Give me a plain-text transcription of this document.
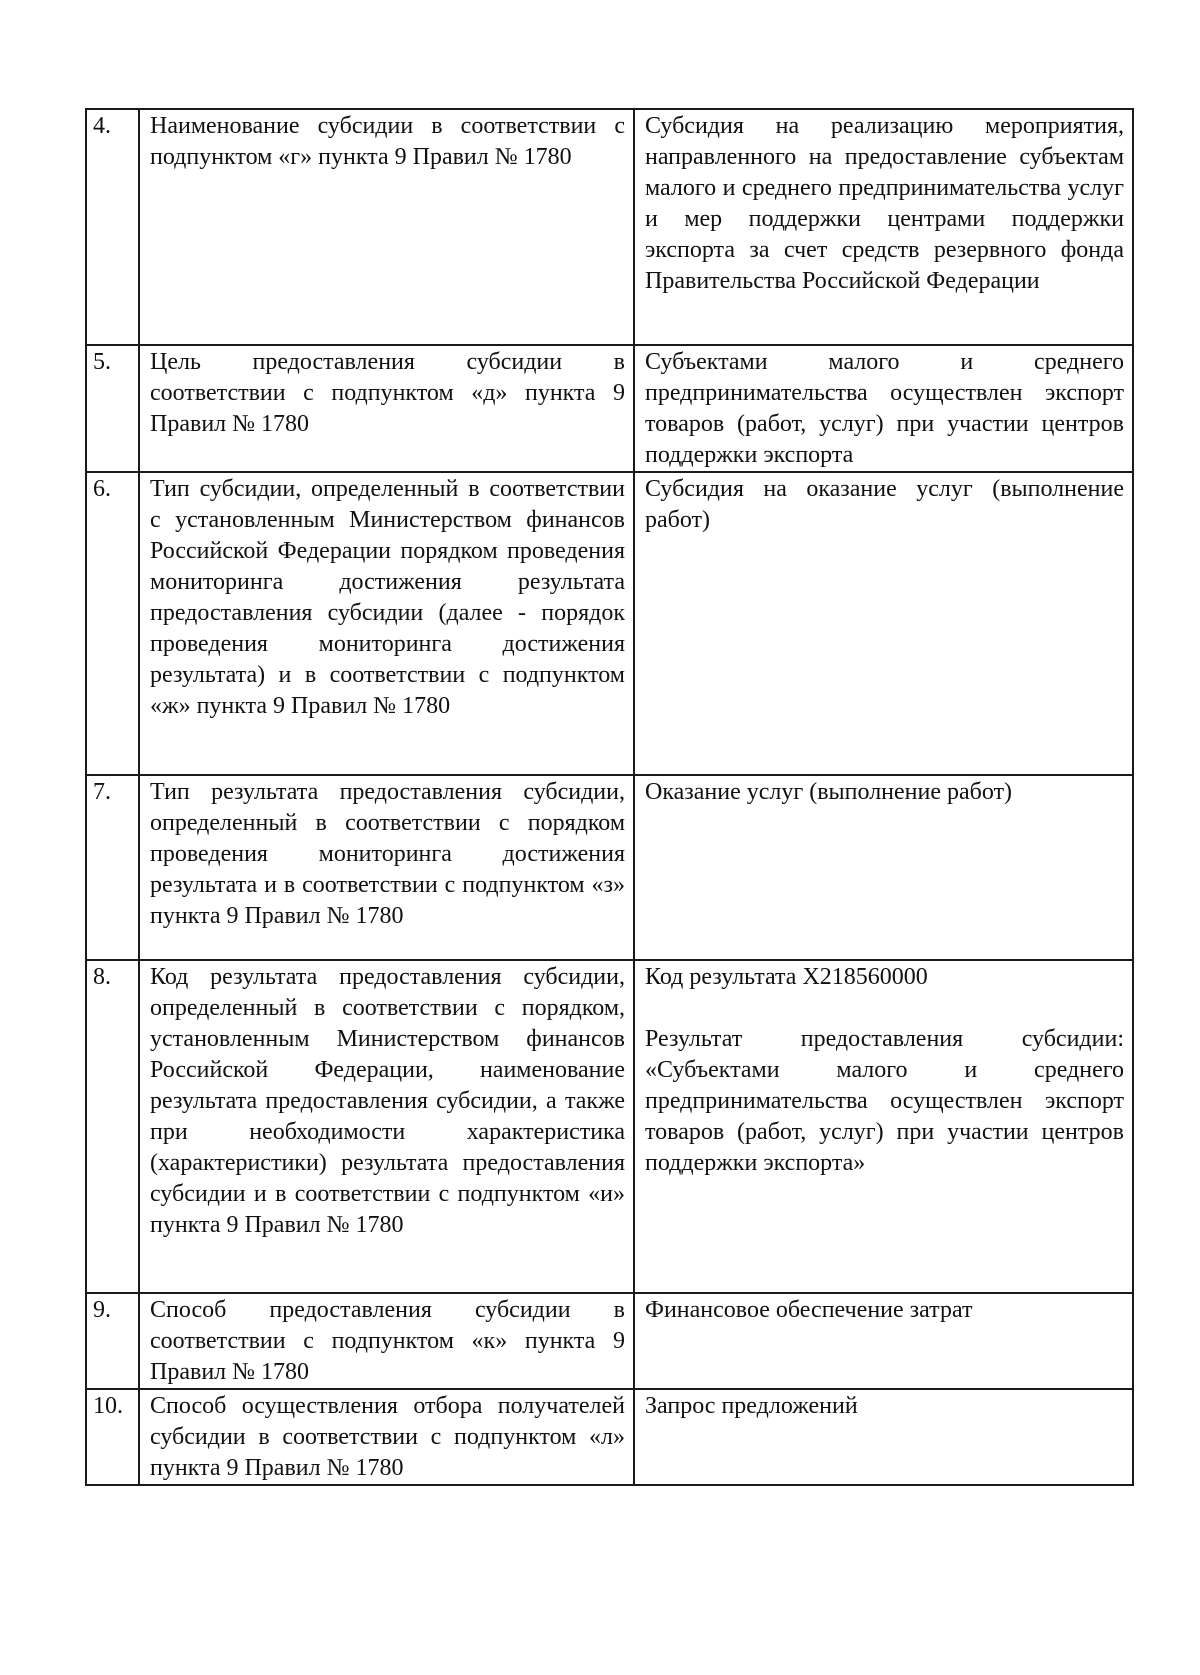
4.	Наименование субсидии в соответствии с подпунктом «г» пункта 9 Правил № 1780	Субсидия на реализацию мероприятия, направленного на предоставление субъектам малого и среднего предпринимательства услуг и мер поддержки центрами поддержки экспорта за счет средств резервного фонда Правительства Российской Федерации
5.	Цель предоставления субсидии в соответствии с подпунктом «д» пункта 9 Правил № 1780	Субъектами малого и среднего предпринимательства осуществлен экспорт товаров (работ, услуг) при участии центров поддержки экспорта
6.	Тип субсидии, определенный в соответствии с установленным Министерством финансов Российской Федерации порядком проведения мониторинга достижения результата предоставления субсидии (далее - порядок проведения мониторинга достижения результата) и в соответствии с подпунктом «ж» пункта 9 Правил № 1780	Субсидия на оказание услуг (выполнение работ)
7.	Тип результата предоставления субсидии, определенный в соответствии с порядком проведения мониторинга достижения результата и в соответствии с подпунктом «з» пункта 9 Правил № 1780	Оказание услуг (выполнение работ)
8.	Код результата предоставления субсидии, определенный в соответствии с порядком, установленным Министерством финансов Российской Федерации, наименование результата предоставления субсидии, а также при необходимости характеристика (характеристики) результата предоставления субсидии и в соответствии с подпунктом «и» пункта 9 Правил № 1780	Код результата X218560000
Результат предоставления субсидии: «Субъектами малого и среднего предпринимательства осуществлен экспорт товаров (работ, услуг) при участии центров поддержки экспорта»

9.	Способ предоставления субсидии в соответствии с подпунктом «к» пункта 9 Правил № 1780	Финансовое обеспечение затрат
10.	Способ осуществления отбора получателей субсидии в соответствии с подпунктом «л» пункта 9 Правил № 1780	Запрос предложений
